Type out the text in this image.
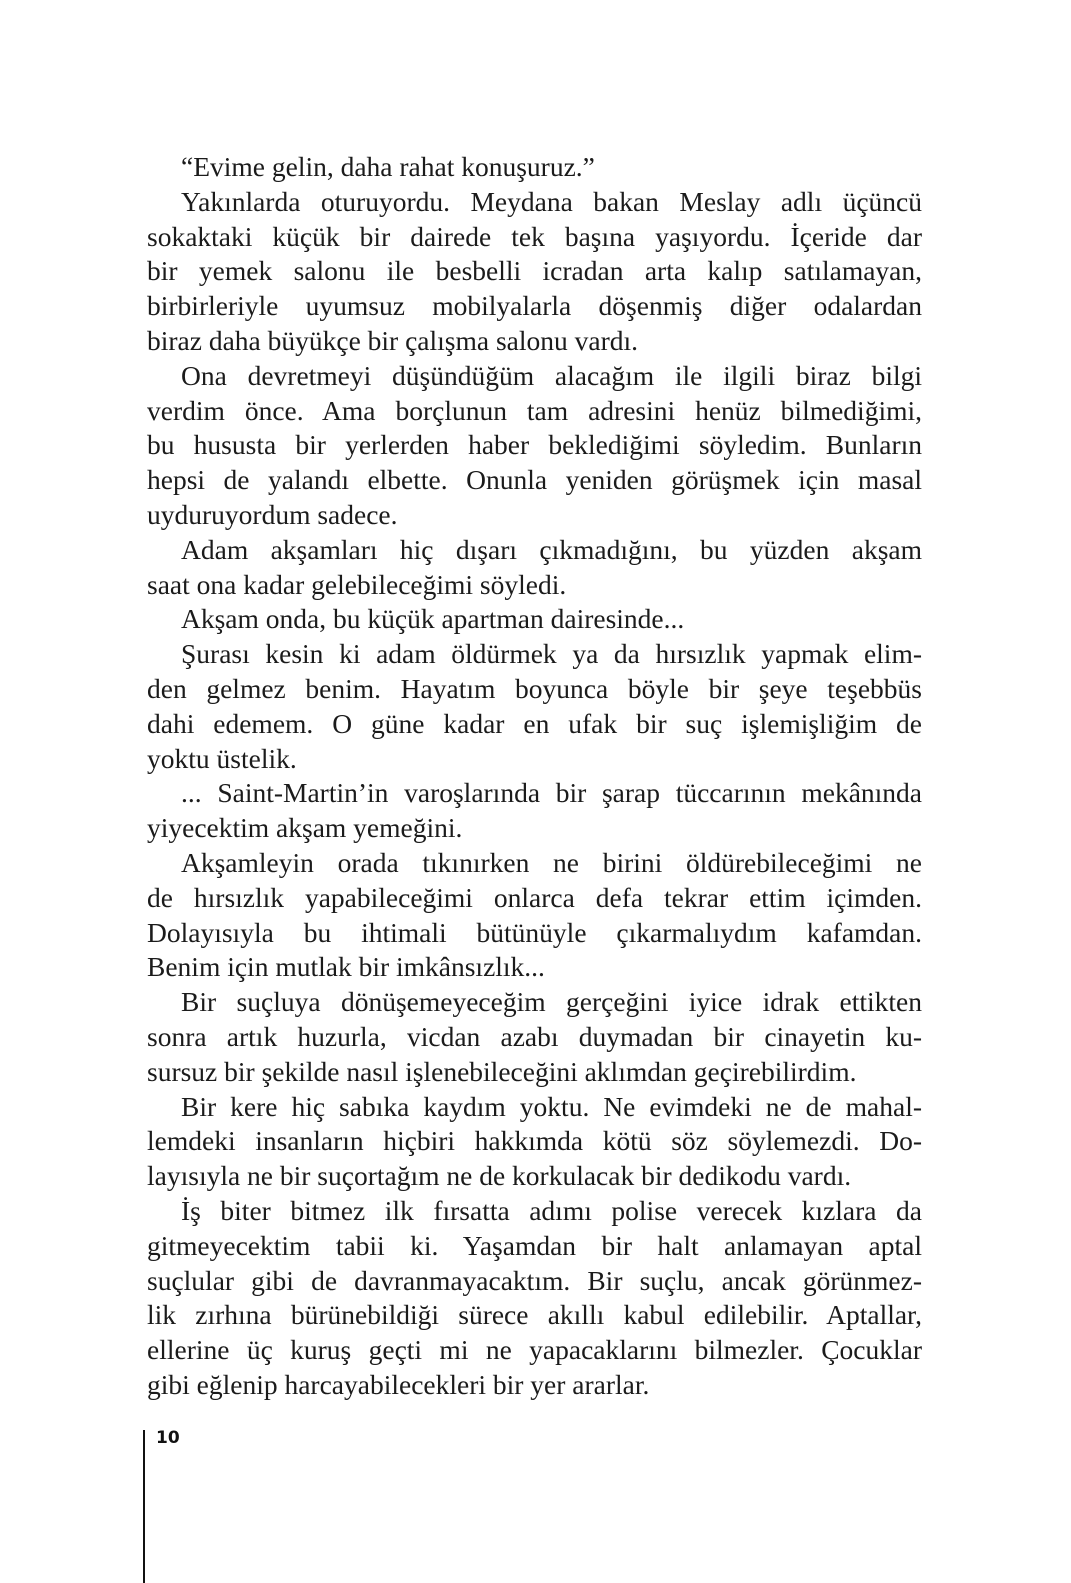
“Evime gelin, daha rahat konuşuruz.”
Yakınlarda oturuyordu. Meydana bakan Meslay adlı üçüncü
sokaktaki küçük bir dairede tek başına yaşıyordu. İçeride dar
bir yemek salonu ile besbelli icradan arta kalıp satılamayan,
birbirleriyle uyumsuz mobilyalarla döşenmiş diğer odalardan
biraz daha büyükçe bir çalışma salonu vardı.
Ona devretmeyi düşündüğüm alacağım ile ilgili biraz bilgi
verdim önce. Ama borçlunun tam adresini henüz bilmediğimi,
bu hususta bir yerlerden haber beklediğimi söyledim. Bunların
hepsi de yalandı elbette. Onunla yeniden görüşmek için masal
uyduruyordum sadece.
Adam akşamları hiç dışarı çıkmadığını, bu yüzden akşam
saat ona kadar gelebileceğimi söyledi.
Akşam onda, bu küçük apartman dairesinde...
Şurası kesin ki adam öldürmek ya da hırsızlık yapmak elim-
den gelmez benim. Hayatım boyunca böyle bir şeye teşebbüs
dahi edemem. O güne kadar en ufak bir suç işlemişliğim de
yoktu üstelik.
... Saint-Martin’in varoşlarında bir şarap tüccarının mekânında
yiyecektim akşam yemeğini.
Akşamleyin orada tıkınırken ne birini öldürebileceğimi ne
de hırsızlık yapabileceğimi onlarca defa tekrar ettim içimden.
Dolayısıyla bu ihtimali bütünüyle çıkarmalıydım kafamdan.
Benim için mutlak bir imkânsızlık...
Bir suçluya dönüşemeyeceğim gerçeğini iyice idrak ettikten
sonra artık huzurla, vicdan azabı duymadan bir cinayetin ku-
sursuz bir şekilde nasıl işlenebileceğini aklımdan geçirebilirdim.
Bir kere hiç sabıka kaydım yoktu. Ne evimdeki ne de mahal-
lemdeki insanların hiçbiri hakkımda kötü söz söylemezdi. Do-
layısıyla ne bir suçortağım ne de korkulacak bir dedikodu vardı.
İş biter bitmez ilk fırsatta adımı polise verecek kızlara da
gitmeyecektim tabii ki. Yaşamdan bir halt anlamayan aptal
suçlular gibi de davranmayacaktım. Bir suçlu, ancak görünmez-
lik zırhına bürünebildiği sürece akıllı kabul edilebilir. Aptallar,
ellerine üç kuruş geçti mi ne yapacaklarını bilmezler. Çocuklar
gibi eğlenip harcayabilecekleri bir yer ararlar.
10
